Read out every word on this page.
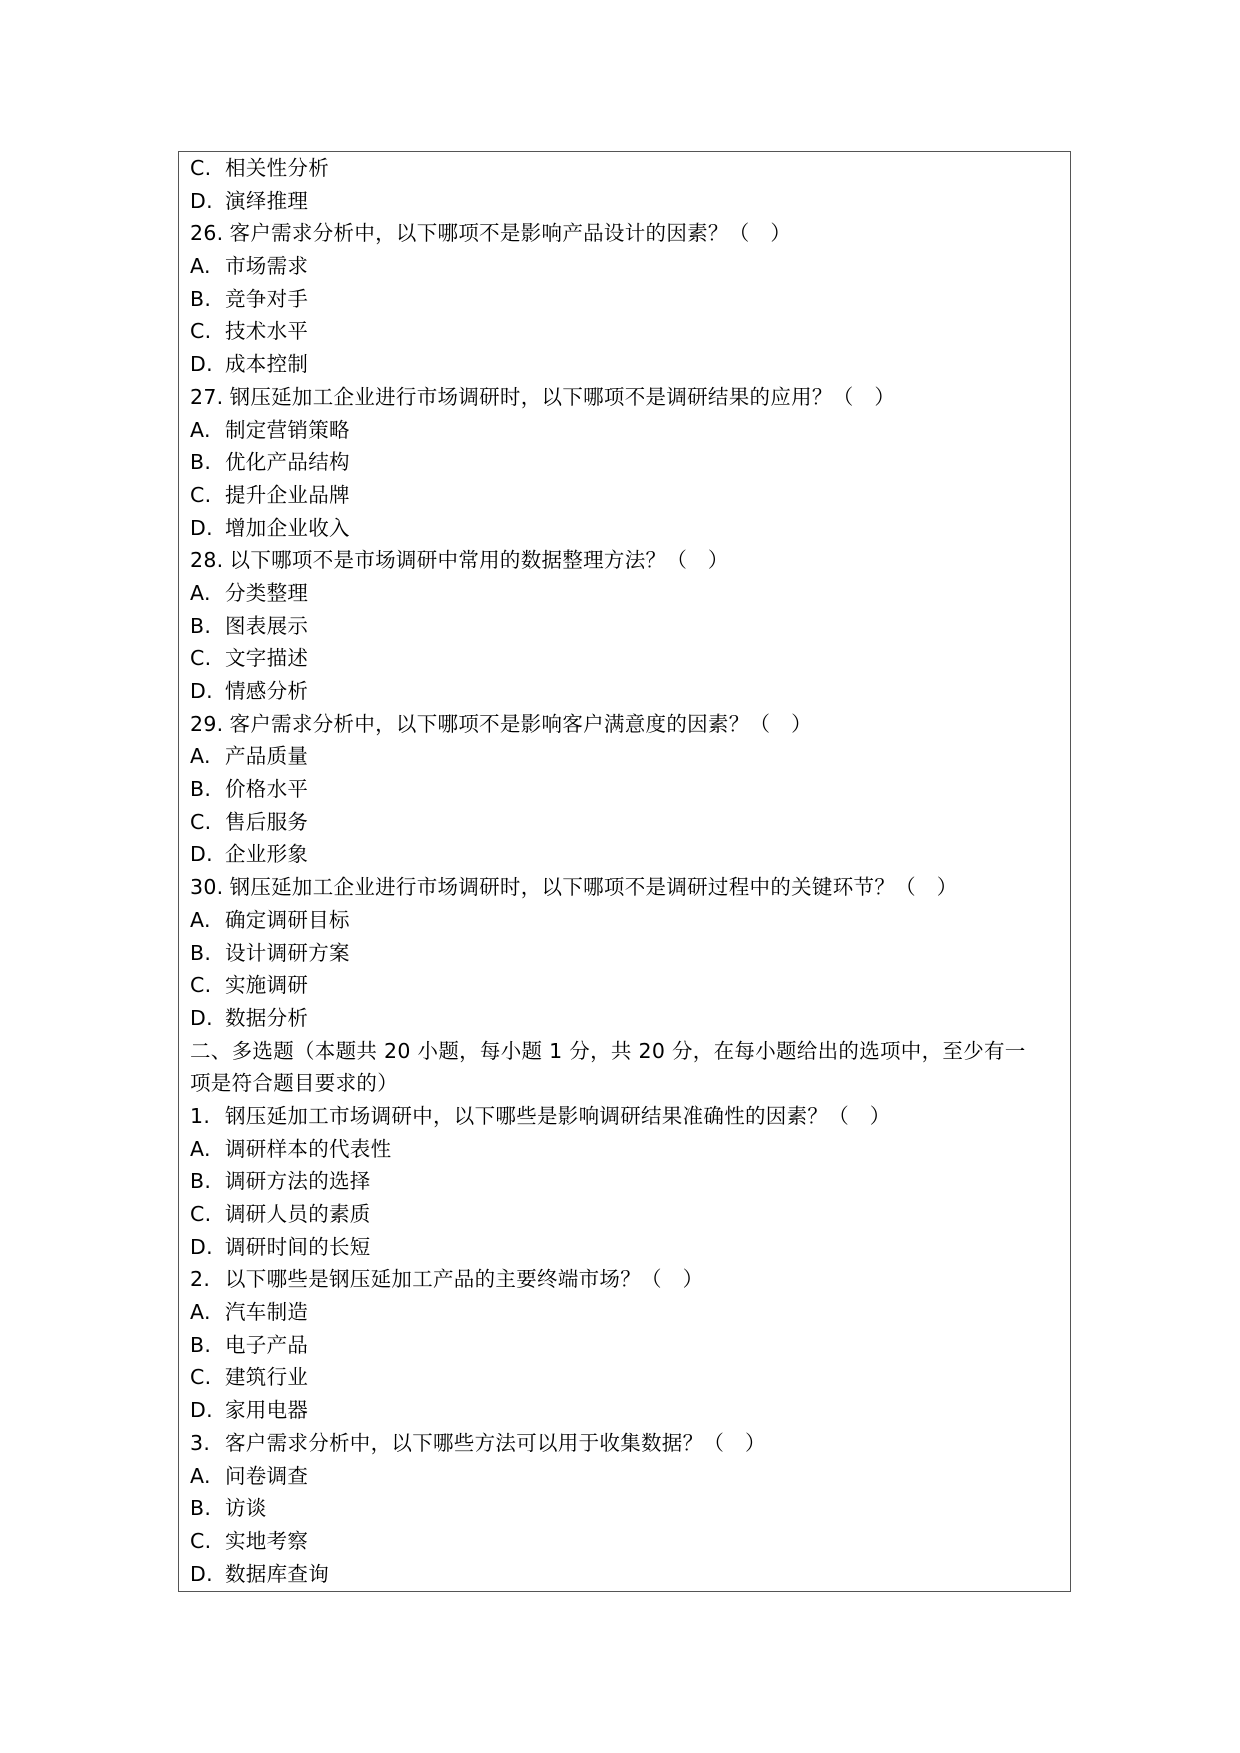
C. 相关性分析
D. 演绎推理
26. 客户需求分析中，以下哪项不是影响产品设计的因素？（　）
A. 市场需求
B. 竞争对手
C. 技术水平
D. 成本控制
27. 钢压延加工企业进行市场调研时，以下哪项不是调研结果的应用？（　）
A. 制定营销策略
B. 优化产品结构
C. 提升企业品牌
D. 增加企业收入
28. 以下哪项不是市场调研中常用的数据整理方法？（　）
A. 分类整理
B. 图表展示
C. 文字描述
D. 情感分析
29. 客户需求分析中，以下哪项不是影响客户满意度的因素？（　）
A. 产品质量
B. 价格水平
C. 售后服务
D. 企业形象
30. 钢压延加工企业进行市场调研时，以下哪项不是调研过程中的关键环节？（　）
A. 确定调研目标
B. 设计调研方案
C. 实施调研
D. 数据分析
二、多选题（本题共 20 小题，每小题 1 分，共 20 分，在每小题给出的选项中，至少有一
项是符合题目要求的）
1. 钢压延加工市场调研中，以下哪些是影响调研结果准确性的因素？（　）
A. 调研样本的代表性
B. 调研方法的选择
C. 调研人员的素质
D. 调研时间的长短
2. 以下哪些是钢压延加工产品的主要终端市场？（　）
A. 汽车制造
B. 电子产品
C. 建筑行业
D. 家用电器
3. 客户需求分析中，以下哪些方法可以用于收集数据？（　）
A. 问卷调查
B. 访谈
C. 实地考察
D. 数据库查询
